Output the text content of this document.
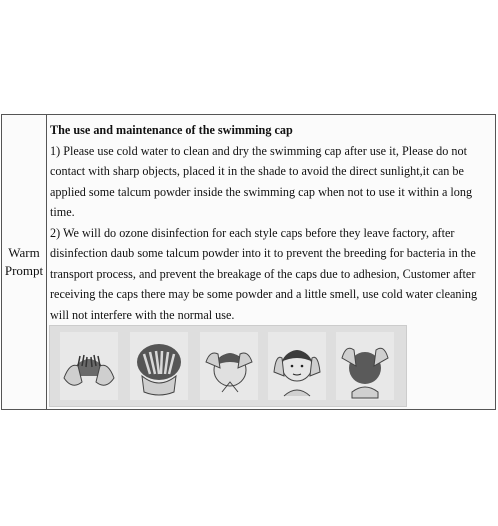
Warm
Prompt
The use and maintenance of the swimming cap

1) Please use cold water to clean and dry the swimming cap after use it, Please do not contact with sharp objects, placed it in the shade to avoid the direct sunlight,it can be applied some talcum powder inside the swimming cap when not to use it within a long time.

2) We will do ozone disinfection for each style caps before they leave factory, after disinfection daub some talcum powder into it to prevent the breeding for bacteria in the transport process, and prevent the breakage of the caps due to adhesion, Customer after receiving the caps there may be some powder and a little smell, use cold water cleaning will not interfere with the normal use.
